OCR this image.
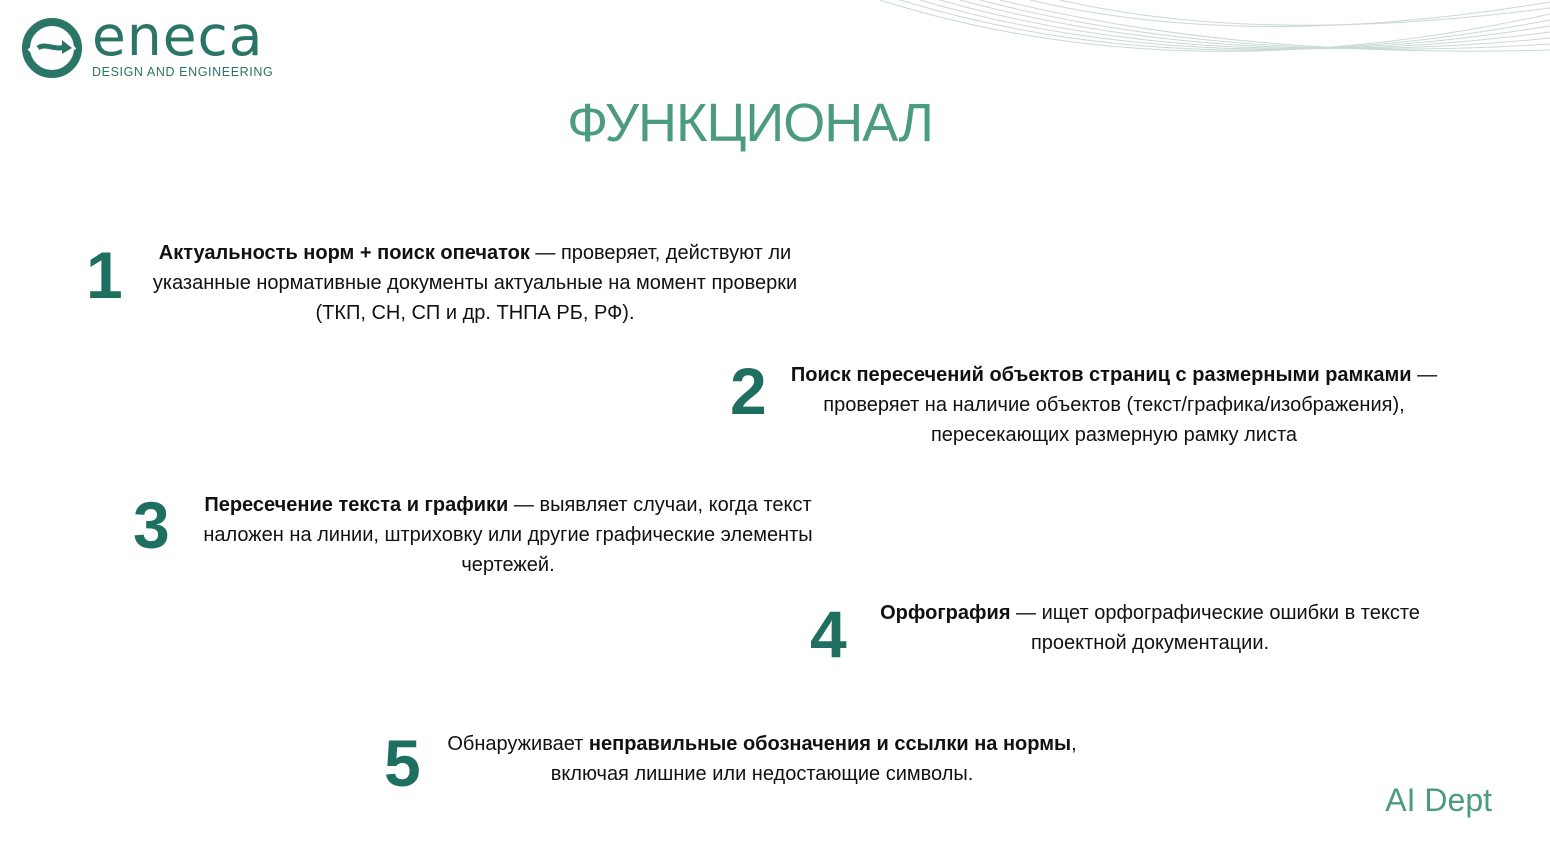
eneca
DESIGN AND ENGINEERING
ФУНКЦИОНАЛ
1	Актуальность норм + поиск опечаток — проверяет, действуют ли указанные нормативные документы актуальные на момент проверки (ТКП, СН, СП и др. ТНПА РБ, РФ).
2	Поиск пересечений объектов страниц с размерными рамками — проверяет на наличие объектов (текст/графика/изображения), пересекающих размерную рамку листа
3	Пересечение текста и графики — выявляет случаи, когда текст наложен на линии, штриховку или другие графические элементы чертежей.
4	Орфография — ищет орфографические ошибки в тексте проектной документации.
5	Обнаруживает неправильные обозначения и ссылки на нормы, включая лишние или недостающие символы.
AI Dept
